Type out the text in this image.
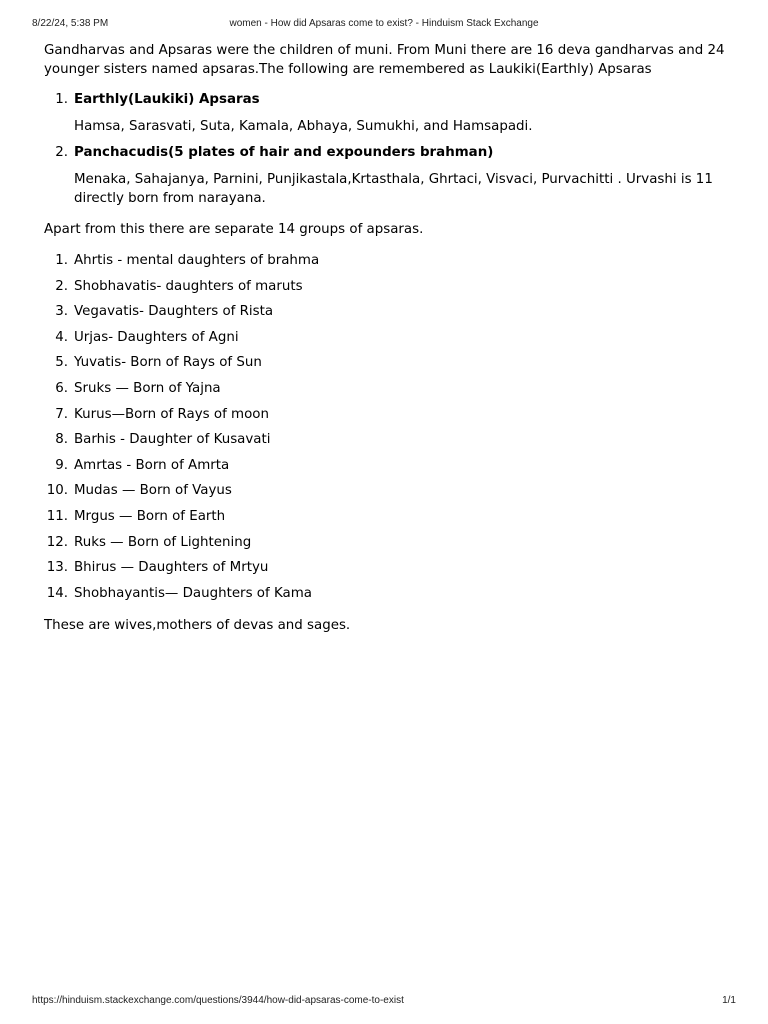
8/22/24, 5:38 PM	women - How did Apsaras come to exist? - Hinduism Stack Exchange

Gandharvas and Apsaras were the children of muni. From Muni there are 16 deva gandharvas and 24 younger sisters named apsaras.The following are remembered as Laukiki(Earthly) Apsaras

1. Earthly(Laukiki) Apsaras
Hamsa, Sarasvati, Suta, Kamala, Abhaya, Sumukhi, and Hamsapadi.
2. Panchacudis(5 plates of hair and expounders brahman)
Menaka, Sahajanya, Parnini, Punjikastala,Krtasthala, Ghrtaci, Visvaci, Purvachitti . Urvashi is 11 directly born from narayana.

Apart from this there are separate 14 groups of apsaras.

1. Ahrtis - mental daughters of brahma
2. Shobhavatis- daughters of maruts
3. Vegavatis- Daughters of Rista
4. Urjas- Daughters of Agni
5. Yuvatis- Born of Rays of Sun
6. Sruks — Born of Yajna
7. Kurus—Born of Rays of moon
8. Barhis - Daughter of Kusavati
9. Amrtas - Born of Amrta
10. Mudas — Born of Vayus
11. Mrgus — Born of Earth
12. Ruks — Born of Lightening
13. Bhirus — Daughters of Mrtyu
14. Shobhayantis— Daughters of Kama

These are wives,mothers of devas and sages.

https://hinduism.stackexchange.com/questions/3944/how-did-apsaras-come-to-exist	1/1
